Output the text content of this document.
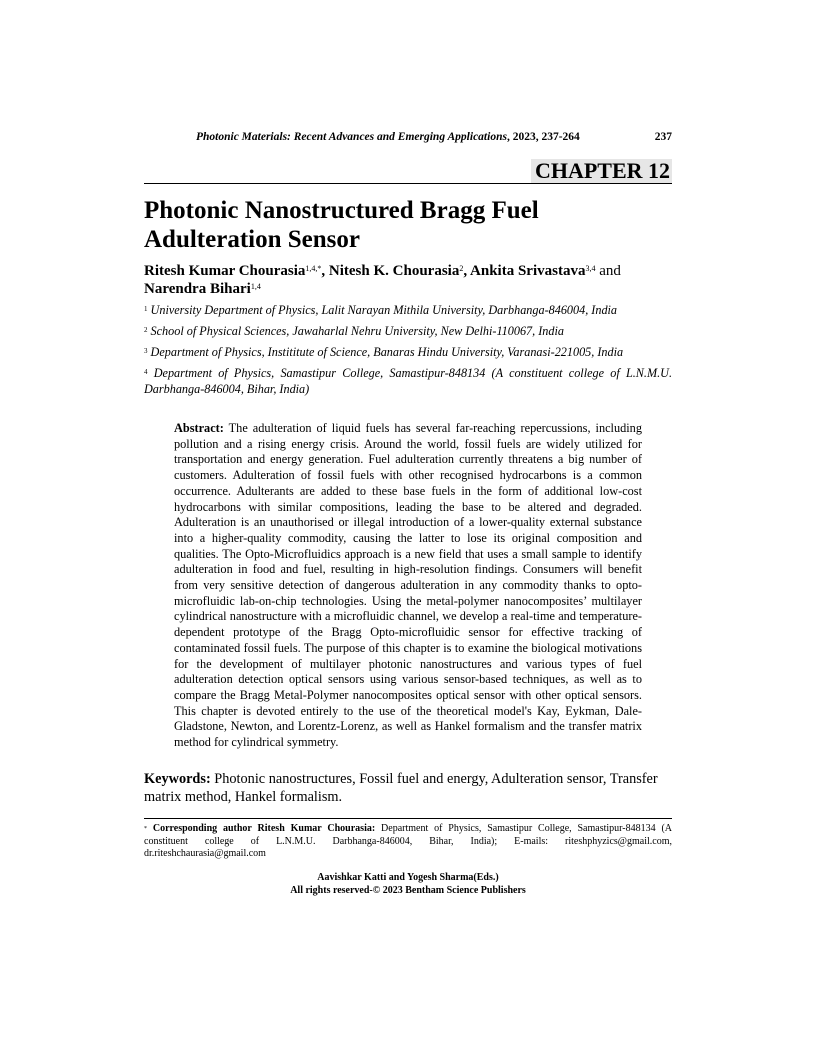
Photonic Materials: Recent Advances and Emerging Applications, 2023, 237-264	237
CHAPTER 12
Photonic Nanostructured Bragg Fuel Adulteration Sensor
Ritesh Kumar Chourasia$^{1,4,*}$, Nitesh K. Chourasia$^2$, Ankita Srivastava$^{3,4}$ and
Narendra Bihari$^{1,4}$

$^1$ University Department of Physics, Lalit Narayan Mithila University, Darbhanga-846004, India

$^2$ School of Physical Sciences, Jawaharlal Nehru University, New Delhi-110067, India

$^3$ Department of Physics, Instititute of Science, Banaras Hindu University, Varanasi-221005, India

$^4$ Department of Physics, Samastipur College, Samastipur-848134 (A constituent college of L.N.M.U. Darbhanga-846004, Bihar, India)

Abstract: The adulteration of liquid fuels has several far-reaching repercussions, including pollution and a rising energy crisis. Around the world, fossil fuels are widely utilized for transportation and energy generation. Fuel adulteration currently threatens a big number of customers. Adulteration of fossil fuels with other recognised hydrocarbons is a common occurrence. Adulterants are added to these base fuels in the form of additional low-cost hydrocarbons with similar compositions, leading the base to be altered and degraded. Adulteration is an unauthorised or illegal introduction of a lower-quality external substance into a higher-quality commodity, causing the latter to lose its original composition and qualities. The Opto-Microfluidics approach is a new field that uses a small sample to identify adulteration in food and fuel, resulting in high-resolution findings. Consumers will benefit from very sensitive detection of dangerous adulteration in any commodity thanks to opto-microfluidic lab-on-chip technologies. Using the metal-polymer nanocomposites’ multilayer cylindrical nanostructure with a microfluidic channel, we develop a real-time and temperature-dependent prototype of the Bragg Opto-microfluidic sensor for effective tracking of contaminated fossil fuels. The purpose of this chapter is to examine the biological motivations for the development of multilayer photonic nanostructures and various types of fuel adulteration detection optical sensors using various sensor-based techniques, as well as to compare the Bragg Metal-Polymer nanocomposites optical sensor with other optical sensors. This chapter is devoted entirely to the use of the theoretical model's Kay, Eykman, Dale-Gladstone, Newton, and Lorentz-Lorenz, as well as Hankel formalism and the transfer matrix method for cylindrical symmetry.
Keywords: Photonic nanostructures, Fossil fuel and energy, Adulteration sensor, Transfer matrix method, Hankel formalism.
* Corresponding author Ritesh Kumar Chourasia: Department of Physics, Samastipur College, Samastipur-848134 (A constituent college of L.N.M.U. Darbhanga-846004, Bihar, India); E-mails: riteshphyzics@gmail.com, dr.riteshchaurasia@gmail.com
Aavishkar Katti and Yogesh Sharma(Eds.)
All rights reserved-© 2023 Bentham Science Publishers
